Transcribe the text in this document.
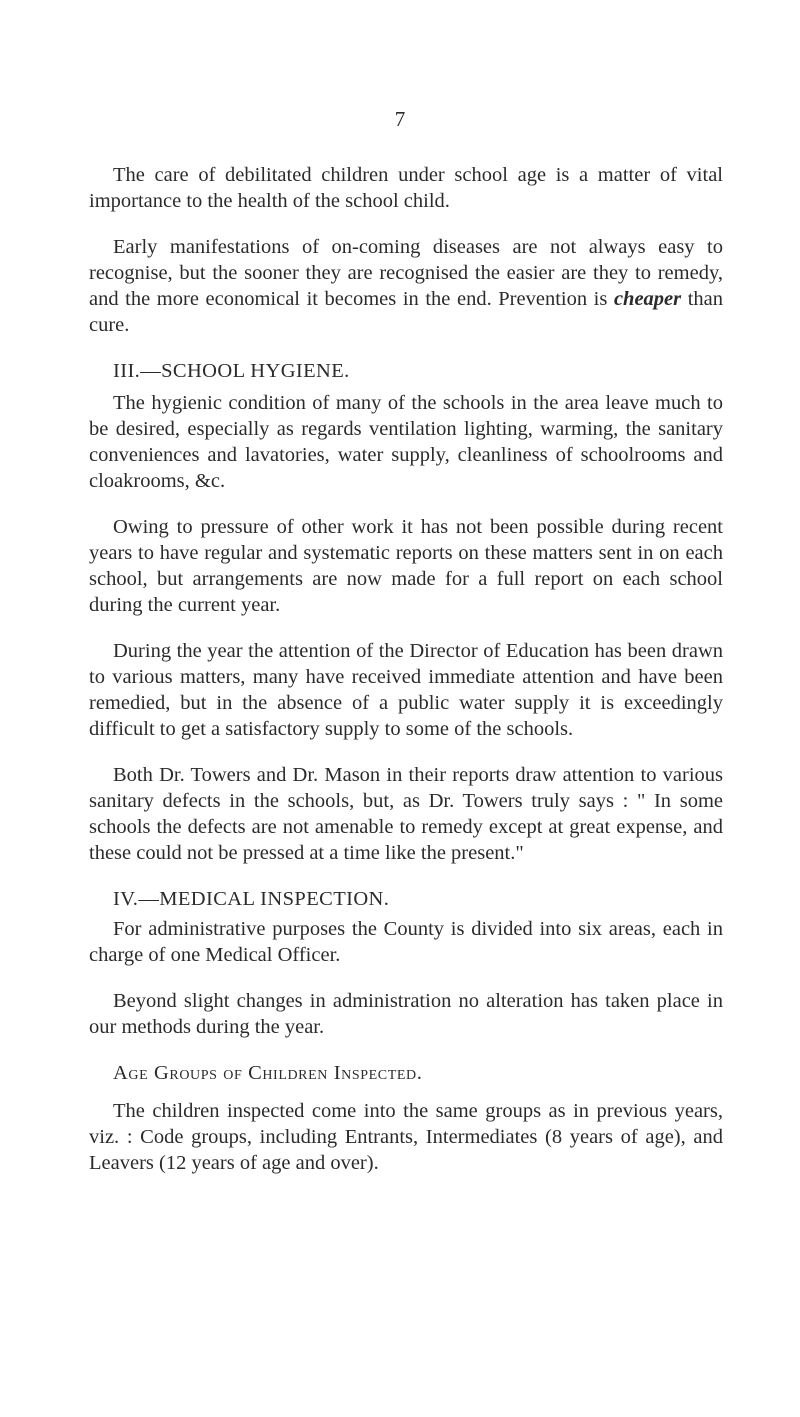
7

The care of debilitated children under school age is a matter of vital importance to the health of the school child.

Early manifestations of on-coming diseases are not always easy to recognise, but the sooner they are recognised the easier are they to remedy, and the more economical it becomes in the end. Prevention is cheaper than cure.

III.—SCHOOL HYGIENE.

The hygienic condition of many of the schools in the area leave much to be desired, especially as regards ventilation lighting, warming, the sanitary conveniences and lavatories, water supply, cleanliness of schoolrooms and cloakrooms, &c.

Owing to pressure of other work it has not been possible during recent years to have regular and systematic reports on these matters sent in on each school, but arrangements are now made for a full report on each school during the current year.

During the year the attention of the Director of Education has been drawn to various matters, many have received immediate attention and have been remedied, but in the absence of a public water supply it is exceedingly difficult to get a satisfactory supply to some of the schools.

Both Dr. Towers and Dr. Mason in their reports draw attention to various sanitary defects in the schools, but, as Dr. Towers truly says : " In some schools the defects are not amenable to remedy except at great expense, and these could not be pressed at a time like the present."

IV.—MEDICAL INSPECTION.

For administrative purposes the County is divided into six areas, each in charge of one Medical Officer.

Beyond slight changes in administration no alteration has taken place in our methods during the year.

Age Groups of Children Inspected.

The children inspected come into the same groups as in previous years, viz. : Code groups, including Entrants, Intermediates (8 years of age), and Leavers (12 years of age and over).
